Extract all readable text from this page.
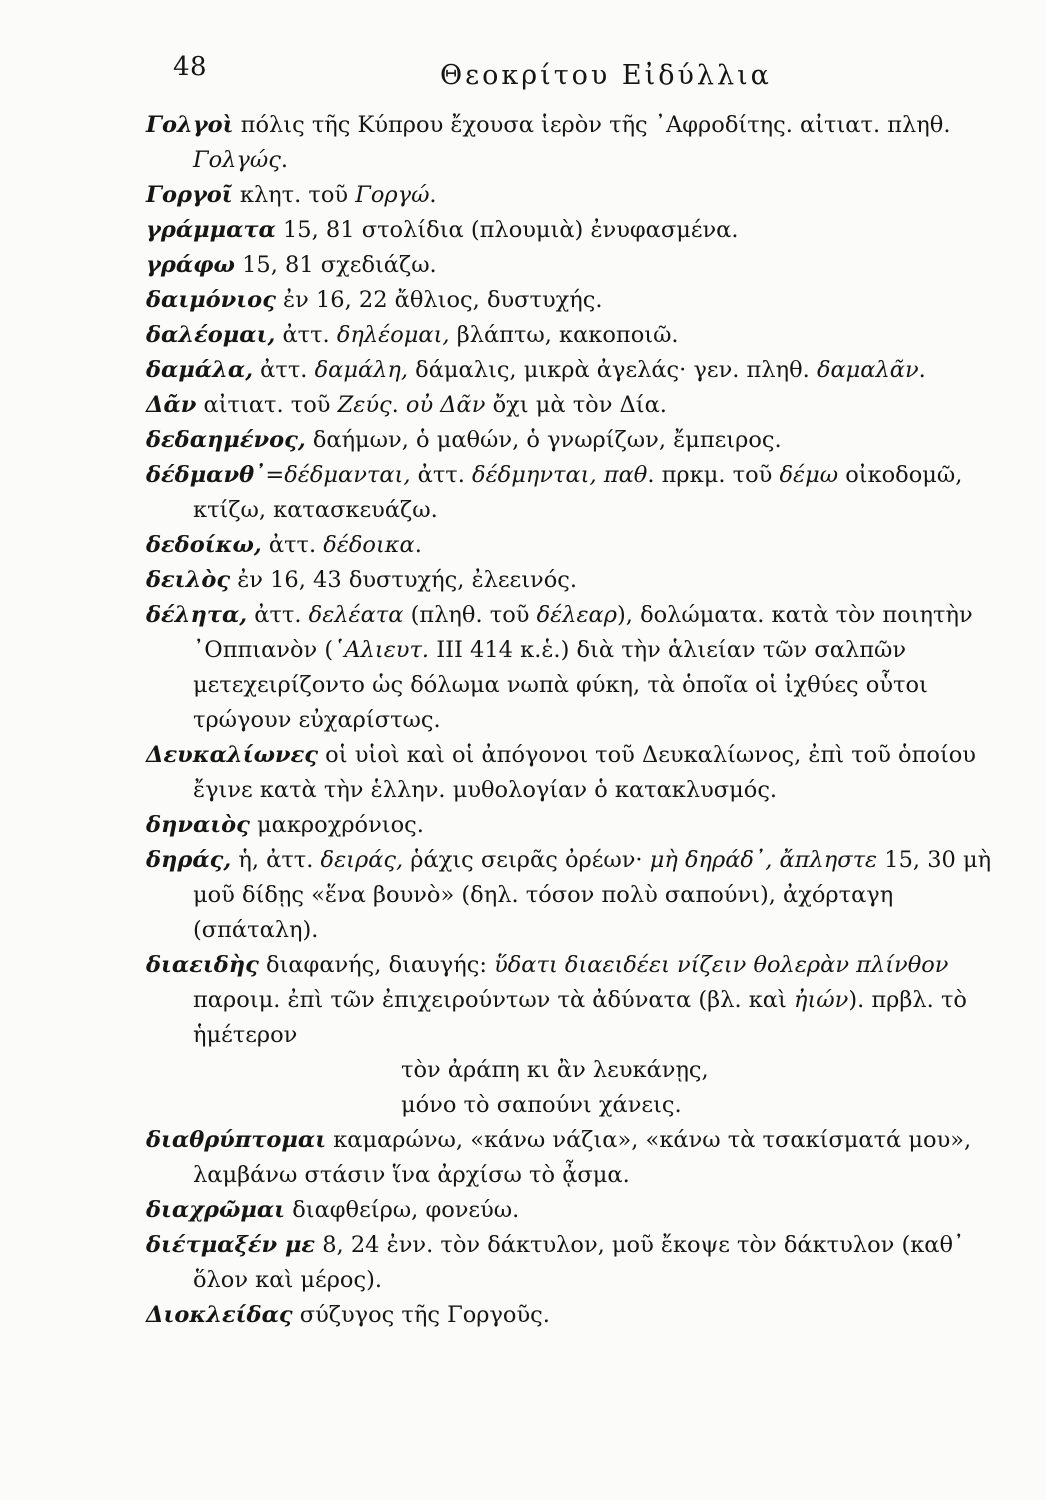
48	Θεοκρίτου Εἰδύλλια
Γολγοὶ πόλις τῆς Κύπρου ἔχουσα ἱερὸν τῆς ᾿Αφροδίτης. αἰτιατ. πληθ. Γολγώς.
Γοργοῖ κλητ. τοῦ Γοργώ.
γράμματα 15, 81 στολίδια (πλουμιὰ) ἐνυφασμένα.
γράφω 15, 81 σχεδιάζω.
δαιμόνιος ἐν 16, 22 ἄθλιος, δυστυχής.
δαλέομαι, ἀττ. δηλέομαι, βλάπτω, κακοποιῶ.
δαμάλα, ἀττ. δαμάλη, δάμαλις, μικρὰ ἀγελάς· γεν. πληθ. δαμαλᾶν.
Δᾶν αἰτιατ. τοῦ Ζεύς. οὐ Δᾶν ὄχι μὰ τὸν Δία.
δεδαημένος, δαήμων, ὁ μαθών, ὁ γνωρίζων, ἔμπειρος.
δέδμανθ᾿=δέδμανται, ἀττ. δέδμηνται, παθ. πρκμ. τοῦ δέμω οἰκοδομῶ, κτίζω, κατασκευάζω.
δεδοίκω, ἀττ. δέδοικα.
δειλὸς ἐν 16, 43 δυστυχής, ἐλεεινός.
δέλητα, ἀττ. δελέατα (πληθ. τοῦ δέλεαρ), δολώματα. κατὰ τὸν ποιητὴν ᾿Οππιανὸν (῾Αλιευτ. ΙΙΙ 414 κ.ἑ.) διὰ τὴν ἁλιείαν τῶν σαλπῶν μετεχειρίζοντο ὡς δόλωμα νωπὰ φύκη, τὰ ὁποῖα οἱ ἰχθύες οὗτοι τρώγουν εὐχαρίστως.
Δευκαλίωνες οἱ υἱοὶ καὶ οἱ ἀπόγονοι τοῦ Δευκαλίωνος, ἐπὶ τοῦ ὁποίου ἔγινε κατὰ τὴν ἑλλην. μυθολογίαν ὁ κατακλυσμός.
δηναιὸς μακροχρόνιος.
δηράς, ἡ, ἀττ. δειράς, ῥάχις σειρᾶς ὀρέων· μὴ δηράδ᾿, ἄπληστε 15, 30 μὴ μοῦ δίδῃς «ἕνα βουνὸ» (δηλ. τόσον πολὺ σαπούνι), ἀχόρταγη (σπάταλη).
διαειδὴς διαφανής, διαυγής: ὕδατι διαειδέει νίζειν θολερὰν πλίνθον παροιμ. ἐπὶ τῶν ἐπιχειρούντων τὰ ἀδύνατα (βλ. καὶ ἠιών). πρβλ. τὸ ἡμέτερον
τὸν ἀράπη κι ἂν λευκάνῃς,
μόνο τὸ σαπούνι χάνεις.
διαθρύπτομαι καμαρώνω, «κάνω νάζια», «κάνω τὰ τσακίσματά μου», λαμβάνω στάσιν ἵνα ἀρχίσω τὸ ᾆσμα.
διαχρῶμαι διαφθείρω, φονεύω.
διέτμαξέν με 8, 24 ἐνν. τὸν δάκτυλον, μοῦ ἔκοψε τὸν δάκτυλον (καθ᾿ ὅλον καὶ μέρος).
Διοκλείδας σύζυγος τῆς Γοργοῦς.
